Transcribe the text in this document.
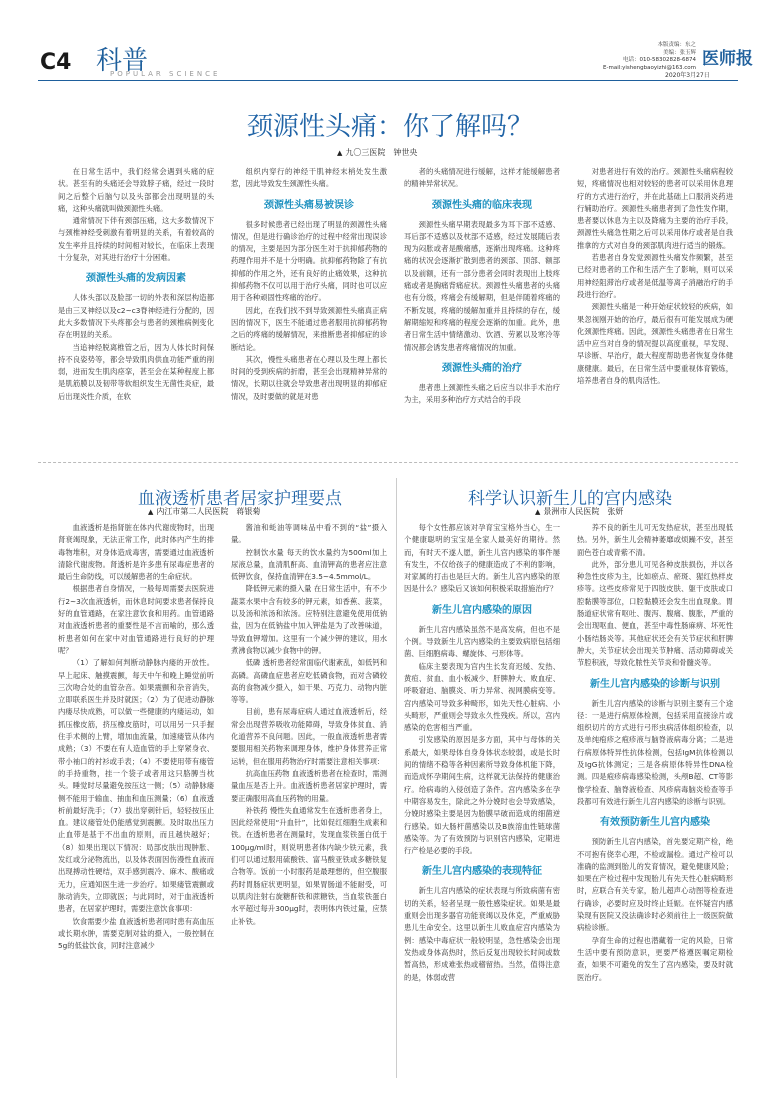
C4 科普
POPULAR SCIENCE
本版责编：东之
美编：张玉辉
电话：010-58302828-6874
E-mail:yishengbaoyizhi@163.com 医师报
2020年3月27日
颈源性头痛：你了解吗？
▲ 九〇三医院　钟世央

在日常生活中，我们经常会遇到头痛的症状。甚至有的头痛还会导致脖子痛，经过一段时间之后整个后脑勺以及头部都会出现明显的头痛，这种头痛就叫做颈源性头痛。

通常情况下伴有颈部压痛，这大多数情况下与颈椎神经受刺激有着明显的关系，有着较高的发生率并且持续的时间相对较长，在临床上表现十分复杂，对其进行治疗十分困难。

颈源性头痛的发病因素

人体头部以及脸部一切的外表和深层构造都是由三叉神经以及c2~c3脊神经进行分配的，因此大多数情况下头疼都会与患者的颈椎病例变化存在明显的关系。

当追神经脱离椎管之后，因为人体长时间保持不良姿势等，都会导致肌肉供血功能严重的削弱，进而发生肌肉痉挛，甚至会在某种程度上都是肌筋膜以及韧带等软组织发生无菌性炎症，最后出现炎性介质，在软

组织内穿行的神经干肌神经末梢处发生激惹，因此导致发生颈源性头痛。

颈源性头痛易被误诊

很多时候患者已经出现了明显的颈源性头痛情况，但是进行确诊治疗的过程中经常出现误诊的情况，主要是因为部分医生对于抗抑郁药物的药理作用并不是十分明确。抗抑郁药物除了有抗抑郁的作用之外，还有良好的止痛效果，这种抗抑郁药物不仅可以用于治疗头痛，同时也可以应用于各种顽固性疼痛的治疗。

因此，在我们找不到导致颈源性头痛真正病因的情况下，医生不能通过患者服用抗抑郁药物之后的疼痛的缓解情况，来推断患者抑郁症的诊断结论。

其次，慢性头痛患者在心理以及生理上都长时间的受到疾病的折磨，甚至会出现精神异常的情况，长期以往就会导致患者出现明显的抑郁症情况，及时要做的就是对患

者的头痛情况进行缓解，这样才能缓解患者的精神异常状况。

颈源性头痛的临床表现

颈源性头痛早期表现最多为耳下部不适感、耳后部不适感以及枕部不适感，经过发展随后表现为闷胀或者是酸痛感，逐渐出现疼痛。这种疼痛的状况会逐渐扩散到患者的颈部、顶部、额部以及前额，还有一部分患者会同时表现出上肢疼痛或者是胸痛背痛症状。颈源性头痛患者的头痛也有分级，疼痛会有缓解期，但是伴随着疼痛的不断发展，疼痛的缓解加重并且持续的存在，缓解期缩短和疼痛的程度会逐渐的加重。此外，患者日常生活中情绪激动、饮酒、劳累以及寒冷等情况都会诱发患者疼痛情况的加重。

颈源性头痛的治疗

患者患上颈源性头痛之后应当以非手术治疗为主，采用多种治疗方式结合的手段

对患者进行有效的治疗。颈源性头痛病程较短，疼痛情况也相对较轻的患者可以采用休息理疗的方式进行治疗，并在此基础上口服消炎药进行辅助治疗。颈源性头痛患者到了急性发作期，患者要以休息为主以及降痛为主要的治疗手段，颈源性头痛急性期之后可以采用体疗或者是自我推拿的方式对自身的颈部肌肉进行适当的锻炼。

若患者自身发觉颈源性头痛发作频繁，甚至已经对患者的工作和生活产生了影响，则可以采用神经阻滞治疗或者是低温等离子消融治疗的手段进行治疗。

颈源性头痛是一种开始症状较轻的疾病，如果忽视刚开始的治疗，最后很有可能发展成为硬化颈源性疼痛。因此，颈源性头痛患者在日常生活中应当对自身的情况提以高度重视，早发现、早诊断、早治疗，最大程度帮助患者恢复身体健康健康。最后，在日常生活中要重视体育锻炼，培养患者自身的肌肉活性。

血液透析患者居家护理要点
▲ 内江市第二人民医院　蒋银菊

血液透析是指肾脏在体内代谢废物时，出现肾衰竭现象，无法正常工作，此时体内产生的排毒物堆积，对身体造成毒害，需要通过血液透析清除代谢废物。肾透析是许多患有尿毒症患者的最后生命防线，可以缓解患者的生命症状。

根据患者自身情况，一般每周需要去医院进行2~3次血液透析，而休息时间要求患者保持良好的血管通路，在家注意饮食和用药。血管通路对血液透析患者的重要性是不言而喻的，那么透析患者如何在家中对血管通路进行良好的护理呢？

（1）了解如何判断动静脉内瘘的开放性。早上起床、触摸震颤，每天中午和晚上睡觉前听三次吻合处的血管杂音。如果震颤和杂音消失，立即联系医生并及时就医；（2）为了促进动静脉内瘘尽快成熟，可以做一些健康的内瘘运动，如抓压橡皮筋，挤压橡皮筋时，可以用另一只手握住手术侧的上臂，增加血流量，加速瘘管从体内成熟；（3）不要在有人造血管的手上穿紧身衣、带小袖口的衬衫或手表；（4）不要使用带有瘘管的手持重物，挂一个袋子或者用这只胳膊当枕头。睡觉时尽量避免按压这一侧；（5）动静脉瘘侧不能用于输血、抽血和血压测量；（6）血液透析前最好洗手；（7）拔出穿刺针后，轻轻按压止血。建议瘘管处仍能感觉到震颤。及时取出压力止血带是基于不出血的原则，而且越快越好；（8）如果出现以下情况：局部皮肤出现肿胀、发红或分泌物流出，以及体表面因伤漫性血液而出现搏动性硬结，双手感到震冷、麻木、酸痛或无力，应通知医生进一步治疗。如果瘘管震颤或脉动消失，立即就医；与此同时，对于血液透析患者，在居家护理时，需要注意饮食事项：

饮食需要少盐 血液透析患者同时患有高血压或长期水肿，需要克制对盐的摄入，一般控制在5g的低盐饮食，同时注意减少

酱油和蚝油等调味品中看不到的“盐”摄入量。

控制饮水量 每天的饮水量约为500ml加上尿液总量，血清肌酐高、血清钾高的患者应注意低钾饮食，保持血清钾在3.5~4.5mmol/L。

降低钾元素的摄入量 在日常生活中，有不少蔬菜水果中含有较多的钾元素，如香蕉、菠菜，以及汤和浓汤和浓汤。应特别注意避免使用低钠盐，因为在低钠盐中加入钾盐是为了改善味道，导致血钾增加。这里有一个减少钾的建议，用水煮沸食物以减少食物中的钾。

低磷 透析患者经常面临代谢紊乱，如低钙和高磷。高磷血症患者应吃低磷食物，而对含磷较高的食物减少摄入，如干果、巧克力、动物内脏等等。

目前，患有尿毒症病人通过血液透析后，经常会出现营养吸收功能障碍，导致身体贫血、消化道营养不良问题。因此，一般血液透析患者需要服用相关药物来调理身体，维护身体营养正常运转，但在服用药物治疗时需要注意相关事项：

抗高血压药物 血液透析患者在检查时，需测量血压是否上升。血液透析患者居家护理时，需要正确服用高血压药物的用量。

补铁药 慢性失血通常发生在透析患者身上，因此经常使用“升血针”，比如促红细胞生成素和铁。在透析患者在测量时，发现血浆铁蛋白低于100μg/ml时，则说明患者体内缺少铁元素，我们可以通过服用硫酸铁、富马酸亚铁或多糖铁复合物等。饭前一小时服药是最理想的，但空腹服药时胃肠症状更明显，如果胃肠道不能耐受，可以肌肉注射右旋糖酐铁和蔗糖铁，当血浆铁蛋白水平超过每升300μg时，表明体内铁过量，应禁止补铁。

科学认识新生儿的宫内感染
▲ 景洲市人民医院　张妍

每个女性都应该对孕育宝宝格外当心，生一个健康聪明的宝宝是全家人最美好的期待。然而，有时天不遂人愿，新生儿宫内感染的事件屡有发生，不仅给孩子的健康造成了不利的影响，对家属的打击也是巨大的。新生儿宫内感染的原因是什么？感染后又该如何积极采取措施治疗？

新生儿宫内感染的原因

新生儿宫内感染虽然不是高发病，但也不是个例。导致新生儿宫内感染的主要致病原包括细菌、巨细胞病毒、螺旋体、弓形体等。

临床主要表现为宫内生长发育迟缓、发热、黄疸、贫血、血小板减少、肝脾肿大、败血症、呼吸窘迫、脑膜炎、听力异常、视网膜病变等。宫内感染可导致多种畸形，如先天性心脏病、小头畸形，严重则会导致永久性残疾。所以，宫内感染的危害相当严重。

引发感染的原因是多方面，其中与母体的关系最大，如果母体自身身体状态较弱，或是长时间的情绪不稳等各种因素所导致身体机能下降，而造成怀孕期间生病，这样就无法保持的健康治疗。给病毒的入侵创造了条件。宫内感染多在孕中期容易发生，除此之外分娩时也会导致感染，分娩时感染主要是因为胎膜早破而造成的细菌逆行感染。如大肠杆菌感染以及B族溶血性链球菌感染等。为了有效预防与识别宫内感染，定期进行产检是必要的手段。

新生儿宫内感染的表现特征

新生儿宫内感染的症状表现与所致病菌有密切的关系，轻者呈现一般性感染症状。如果是最重则会出现多器官功能衰竭以及休克，严重威胁患儿生命安全。这里以新生儿败血症宫内感染为例：感染中毒症状一般较明显，急性感染会出现发热或身体高热时，然后反复出现较长时间或数暂高热，形成难张热或稽留热。当然，值得注意的是，体弱或营

养不良的新生儿可无发热症状，甚至出现低热。另外，新生儿会精神萎靡或烦躁不安，甚至面色苍白或青紫不清。

此外，部分患儿可见各种皮肤损伤，并以各种急性皮疹为主，比如瘀点、瘀斑、猩红热样皮疹等。这些皮疹常见于四肢皮肤、躯干皮肤或口腔黏膜等部位，口腔黏膜还会发生出血现象。胃肠道症状常有呕吐、腹泻、腹痛、腹胀，严重的会出现呕血、便血，甚至中毒性肠麻痹、坏死性小肠结肠炎等。其他症状还会有关节症状和肝脾肿大，关节症状会出现关节肿痛、活动障碍或关节腔积液，导致化脓性关节炎和骨髓炎等。

新生儿宫内感染的诊断与识别

新生儿宫内感染的诊断与识别主要有三个途径：一是进行病原体检测，包括采用直接涂片或组织切片的方式进行弓形虫病活体组织检查，以及单纯疱疹之疱疹液与脑脊液病毒分离；二是进行病原体特异性抗体检测，包括IgM抗体检测以及IgG抗体测定；三是各病原体特异性DNA检测。四是疱疹病毒感染检测，头颅B超、CT等影像学检查、脑脊液检查、风疹病毒脑炎检查等手段都可有效进行新生儿宫内感染的诊断与识别。

有效预防新生儿宫内感染

预防新生儿宫内感染，首先要定期产检，绝不可抱有侥幸心理，不检或漏检。通过产检可以准确的监测到胎儿的发育情况，避免健康风险；如果在产检过程中发现胎儿有先天性心脏病畸形时，应联合有关专家，胎儿超声心动图等检查进行确诊，必要时应及时终止妊娠。在怀疑宫内感染现有医院又没法确诊时必须前往上一级医院做病检诊断。

孕育生命的过程也潜藏着一定的风险，日常生活中要有预防意识，更要严格遵医嘱定期检查，如果不可避免的发生了宫内感染，要及时就医治疗。
